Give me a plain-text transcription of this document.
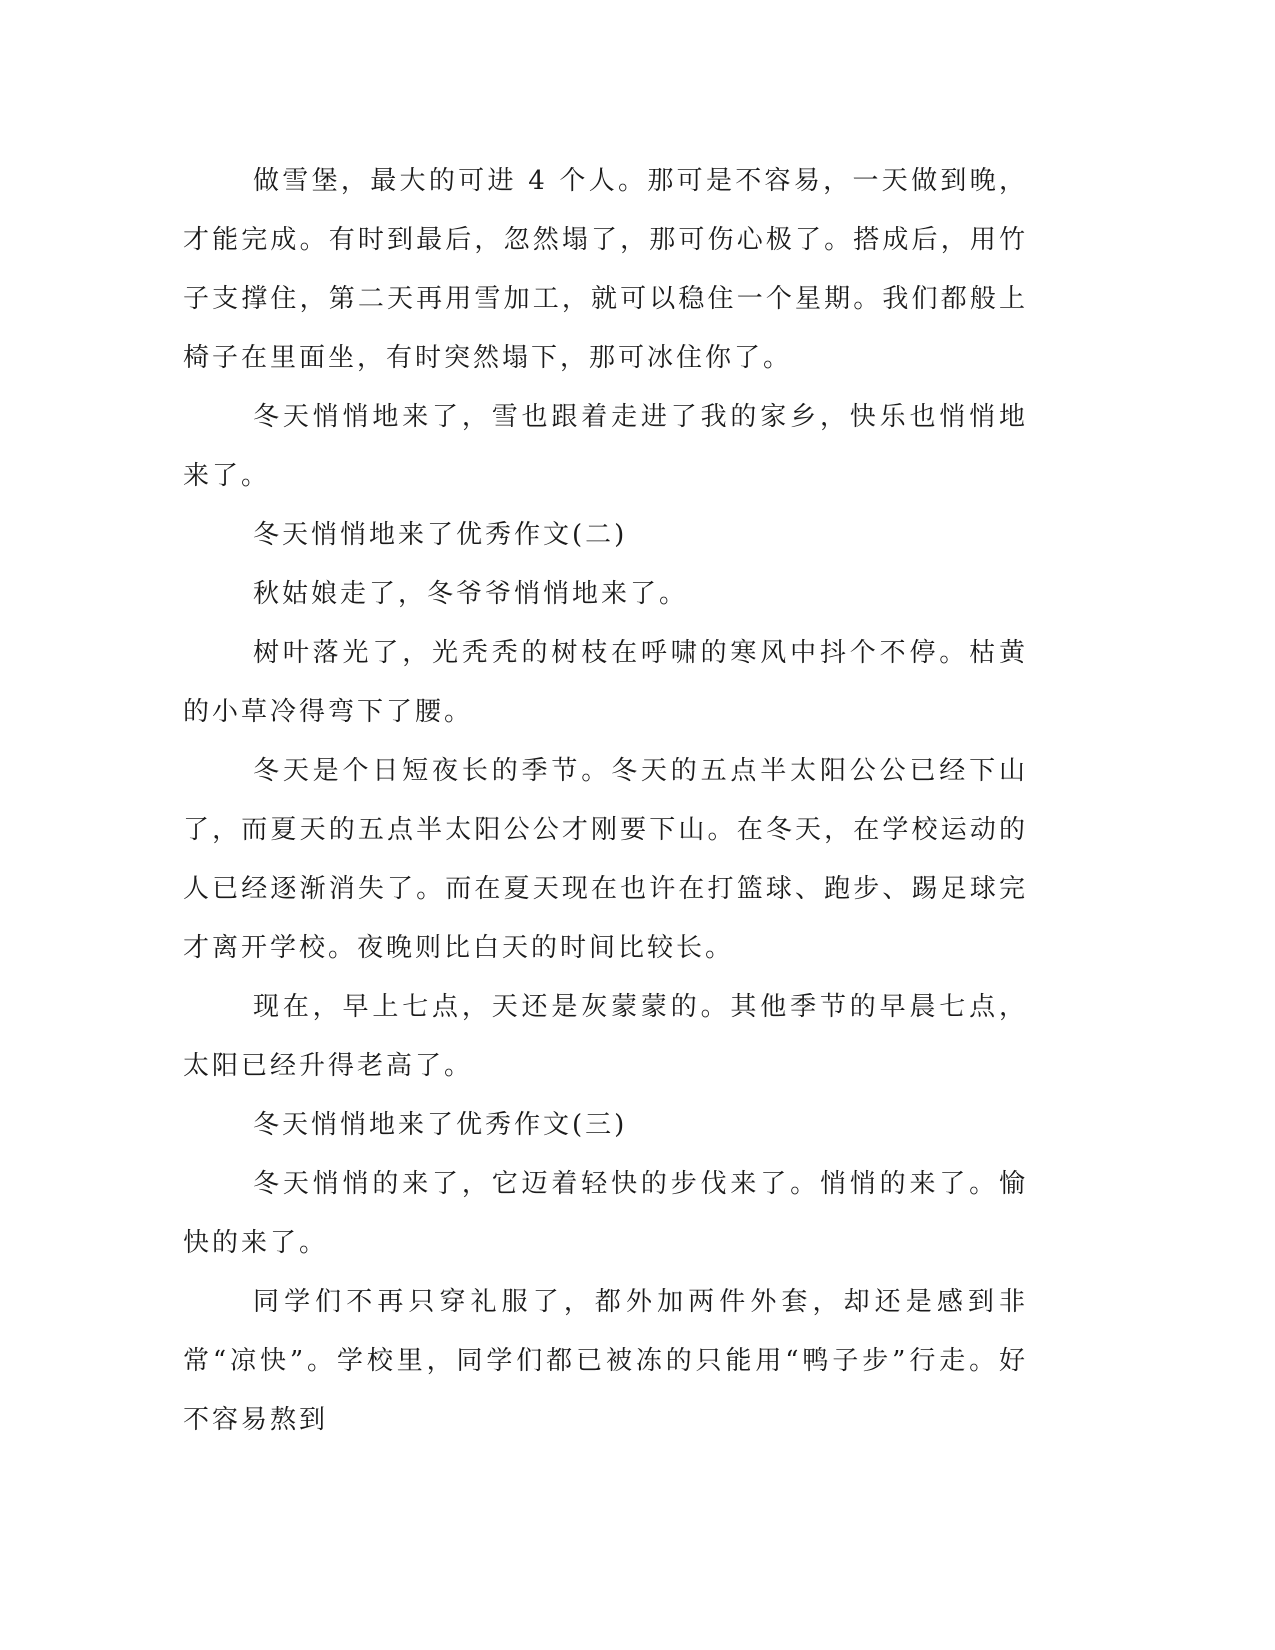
做雪堡，最大的可进 4 个人。那可是不容易，一天做到晚，才能完成。有时到最后，忽然塌了，那可伤心极了。搭成后，用竹子支撑住，第二天再用雪加工，就可以稳住一个星期。我们都般上椅子在里面坐，有时突然塌下，那可冰住你了。

冬天悄悄地来了，雪也跟着走进了我的家乡，快乐也悄悄地来了。

冬天悄悄地来了优秀作文(二)

秋姑娘走了，冬爷爷悄悄地来了。

树叶落光了，光秃秃的树枝在呼啸的寒风中抖个不停。枯黄的小草冷得弯下了腰。

冬天是个日短夜长的季节。冬天的五点半太阳公公已经下山了，而夏天的五点半太阳公公才刚要下山。在冬天，在学校运动的人已经逐渐消失了。而在夏天现在也许在打篮球、跑步、踢足球完才离开学校。夜晚则比白天的时间比较长。

现在，早上七点，天还是灰蒙蒙的。其他季节的早晨七点，太阳已经升得老高了。

冬天悄悄地来了优秀作文(三)

冬天悄悄的来了，它迈着轻快的步伐来了。悄悄的来了。愉快的来了。

同学们不再只穿礼服了，都外加两件外套，却还是感到非常“凉快”。学校里，同学们都已被冻的只能用“鸭子步”行走。好不容易熬到
